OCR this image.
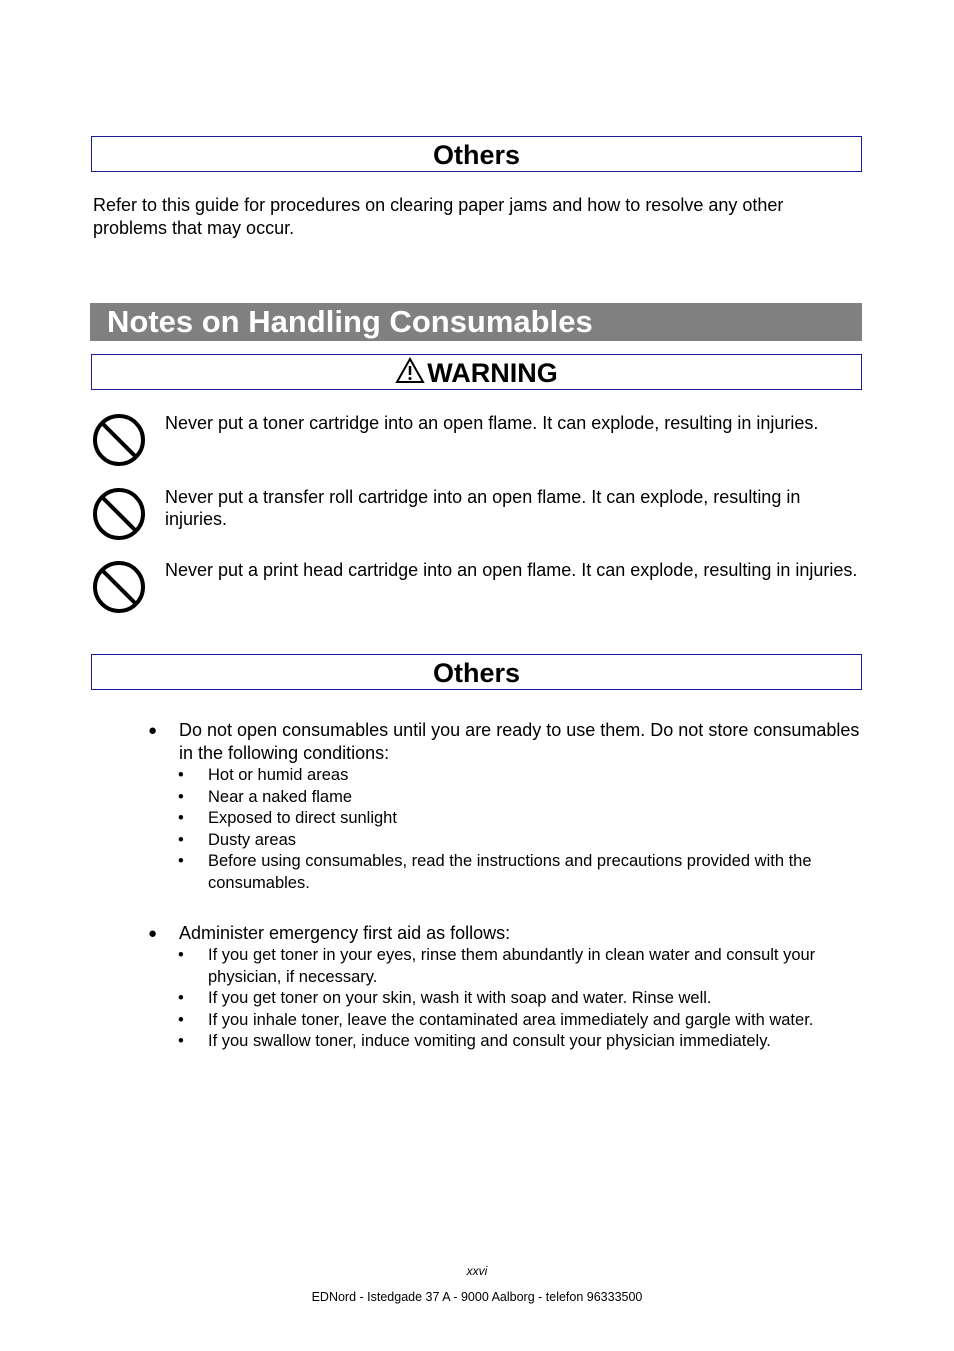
Others
Refer to this guide for procedures on clearing paper jams and how to resolve any other problems that may occur.
Notes on Handling Consumables
WARNING
Never put a toner cartridge into an open flame. It can explode, resulting in injuries.
Never put a transfer roll cartridge into an open flame. It can explode, resulting in injuries.
Never put a print head cartridge into an open flame. It can explode, resulting in injuries.
Others
● Do not open consumables until you are ready to use them. Do not store consumables in the following conditions:
• Hot or humid areas
• Near a naked flame
• Exposed to direct sunlight
• Dusty areas
• Before using consumables, read the instructions and precautions provided with the consumables.
● Administer emergency first aid as follows:
• If you get toner in your eyes, rinse them abundantly in clean water and consult your physician, if necessary.
• If you get toner on your skin, wash it with soap and water. Rinse well.
• If you inhale toner, leave the contaminated area immediately and gargle with water.
• If you swallow toner, induce vomiting and consult your physician immediately.
xxvi
EDNord - Istedgade 37 A - 9000 Aalborg - telefon 96333500
